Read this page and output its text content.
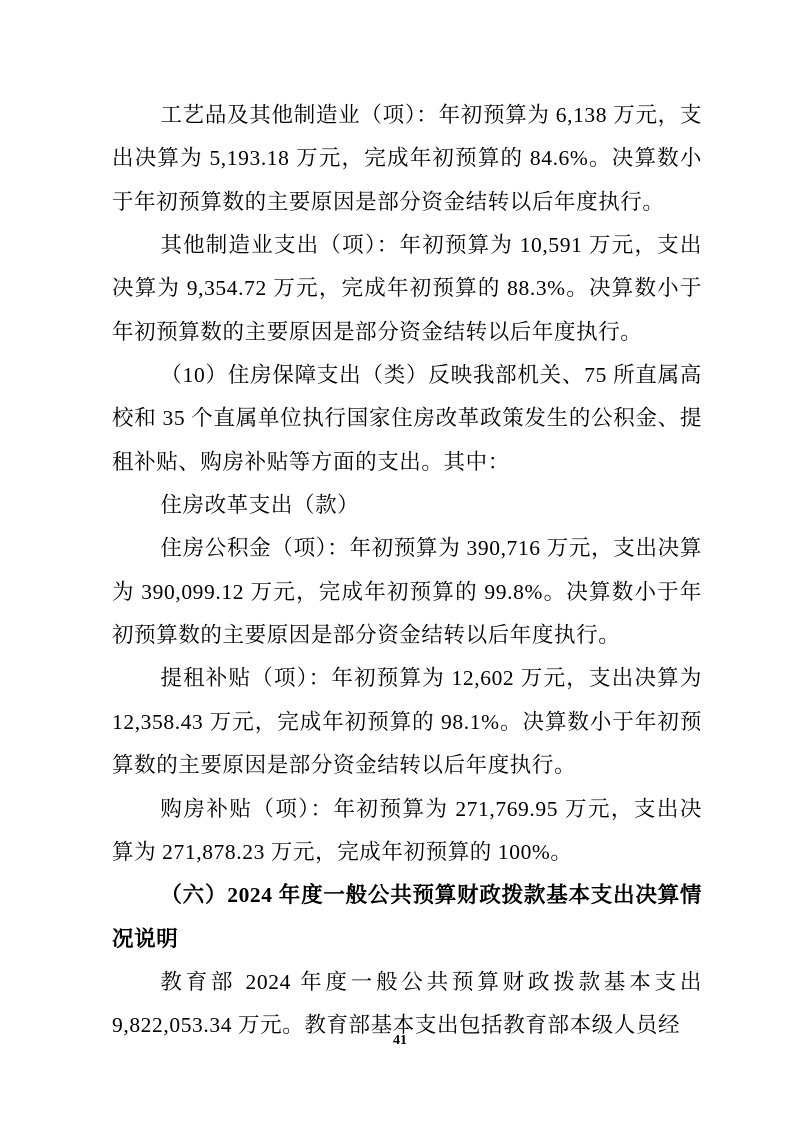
工艺品及其他制造业（项）：年初预算为 6,138 万元，支出决算为 5,193.18 万元，完成年初预算的 84.6%。决算数小于年初预算数的主要原因是部分资金结转以后年度执行。

其他制造业支出（项）：年初预算为 10,591 万元，支出决算为 9,354.72 万元，完成年初预算的 88.3%。决算数小于年初预算数的主要原因是部分资金结转以后年度执行。

（10）住房保障支出（类）反映我部机关、75 所直属高校和 35 个直属单位执行国家住房改革政策发生的公积金、提租补贴、购房补贴等方面的支出。其中：

住房改革支出（款）

住房公积金（项）：年初预算为 390,716 万元，支出决算为 390,099.12 万元，完成年初预算的 99.8%。决算数小于年初预算数的主要原因是部分资金结转以后年度执行。

提租补贴（项）：年初预算为 12,602 万元，支出决算为 12,358.43 万元，完成年初预算的 98.1%。决算数小于年初预算数的主要原因是部分资金结转以后年度执行。

购房补贴（项）：年初预算为 271,769.95 万元，支出决算为 271,878.23 万元，完成年初预算的 100%。

（六）2024 年度一般公共预算财政拨款基本支出决算情况说明

教育部 2024 年度一般公共预算财政拨款基本支出 9,822,053.34 万元。教育部基本支出包括教育部本级人员经

41
